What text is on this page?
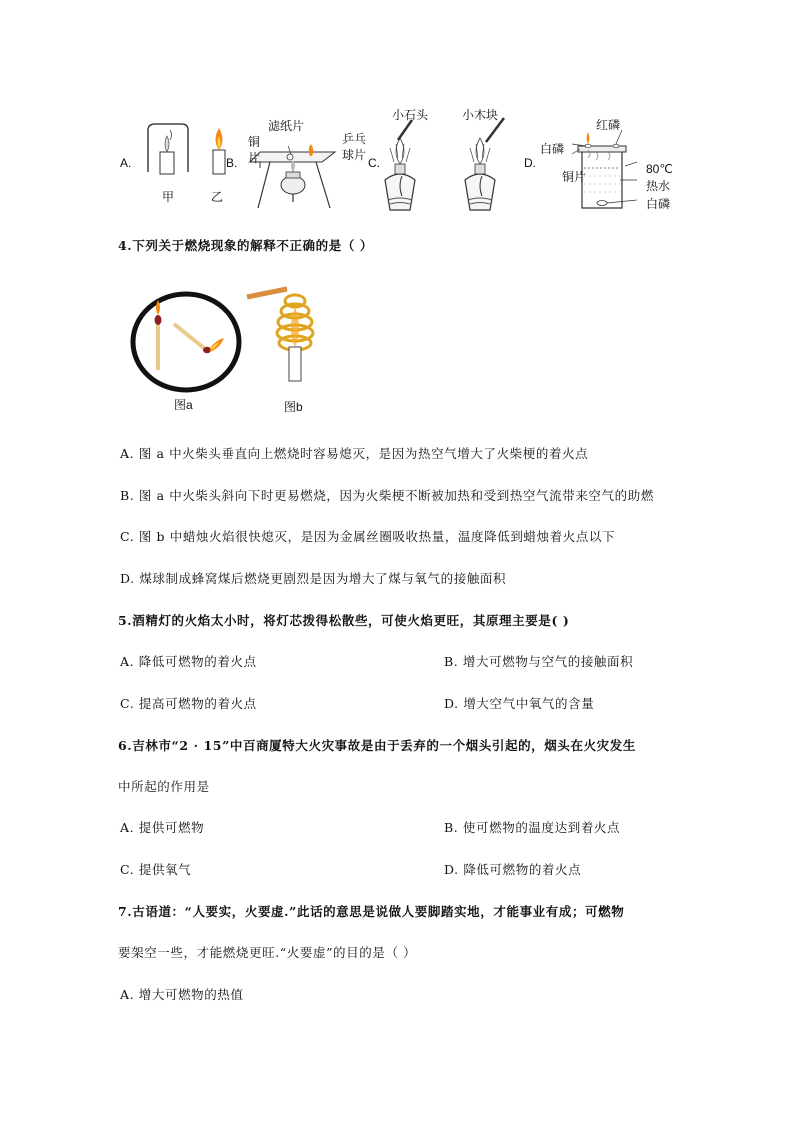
A.
甲	乙
B.
铜
片
滤纸片
乒乓
球片
C.
小石头	小木块
D.
红磷
白磷
铜片
80℃
热水
白磷
4.下列关于燃烧现象的解释不正确的是（ ）
图a	图b
A. 图 a 中火柴头垂直向上燃烧时容易熄灭，是因为热空气增大了火柴梗的着火点
B. 图 a 中火柴头斜向下时更易燃烧，因为火柴梗不断被加热和受到热空气流带来空气的助燃
C. 图 b 中蜡烛火焰很快熄灭，是因为金属丝圈吸收热量，温度降低到蜡烛着火点以下
D. 煤球制成蜂窝煤后燃烧更剧烈是因为增大了煤与氧气的接触面积
5.酒精灯的火焰太小时，将灯芯拨得松散些，可使火焰更旺，其原理主要是( )
A. 降低可燃物的着火点	B. 增大可燃物与空气的接触面积
C. 提高可燃物的着火点	D. 增大空气中氧气的含量
6.吉林市“2 · 15”中百商厦特大火灾事故是由于丢弃的一个烟头引起的，烟头在火灾发生
中所起的作用是
A. 提供可燃物	B. 使可燃物的温度达到着火点
C. 提供氧气	D. 降低可燃物的着火点
7.古语道：“人要实，火要虚.”此话的意思是说做人要脚踏实地，才能事业有成；可燃物
要架空一些，才能燃烧更旺.“火要虚”的目的是（ ）
A. 增大可燃物的热值
